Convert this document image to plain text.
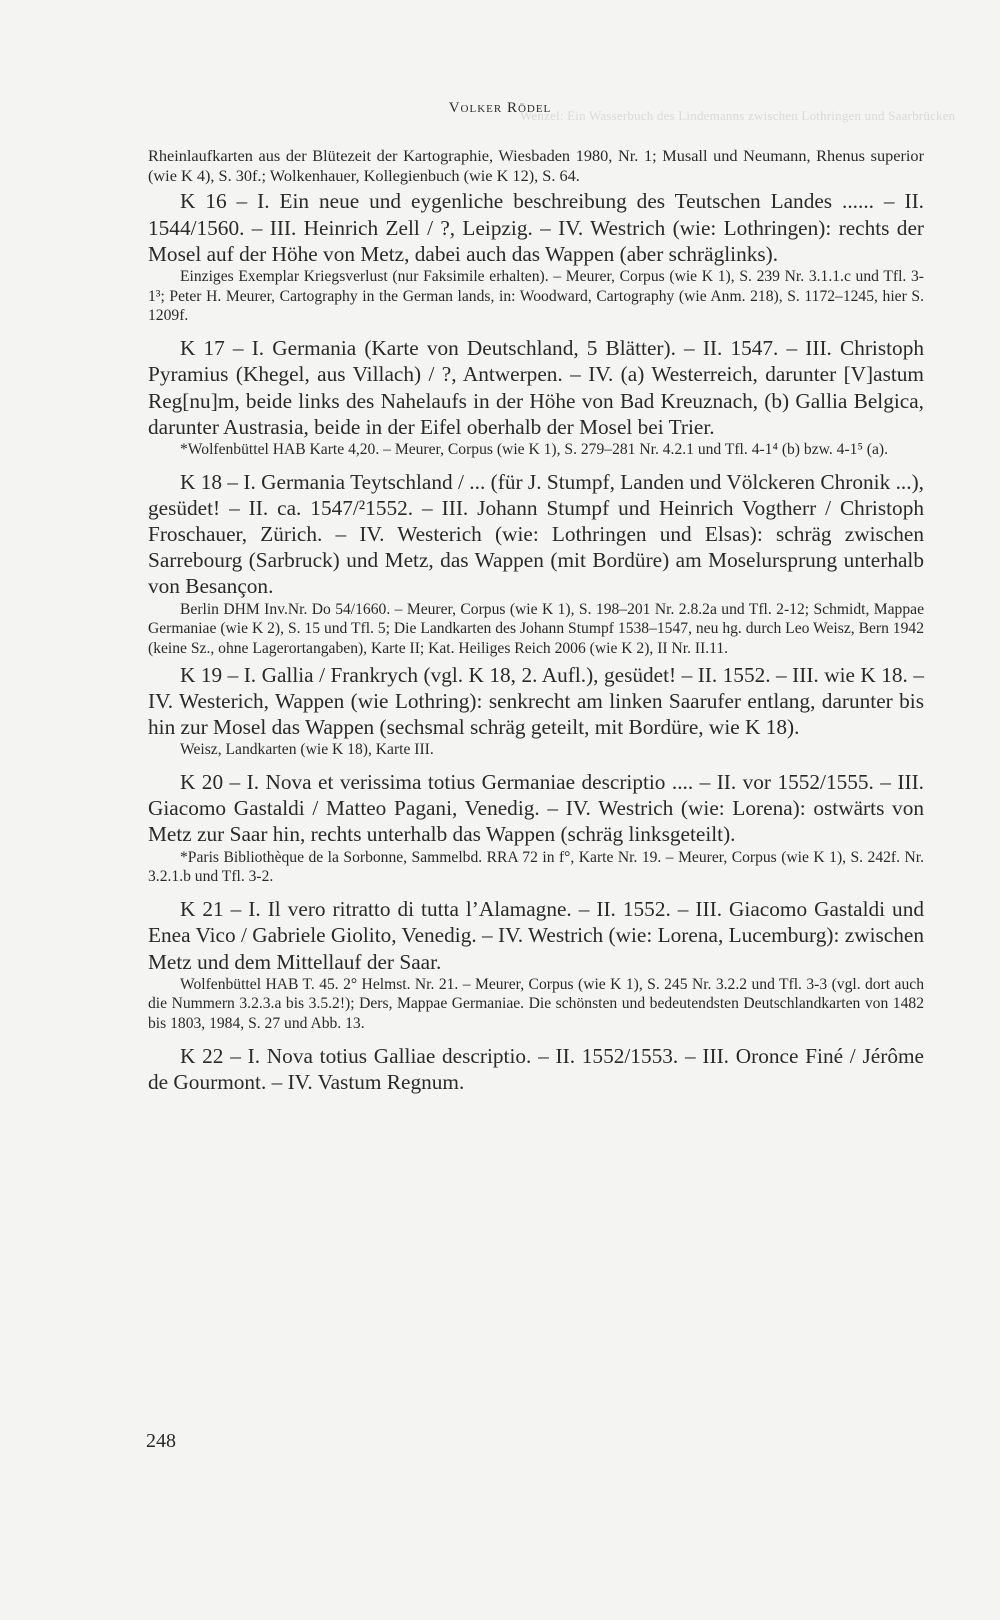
Wenzel: Ein Wasserbuch des Lindemanns zwischen Lothringen und Saarbrücken
Volker Rödel

Rheinlaufkarten aus der Blütezeit der Kartographie, Wiesbaden 1980, Nr. 1; Musall und Neumann, Rhenus superior (wie K 4), S. 30f.; Wolkenhauer, Kollegienbuch (wie K 12), S. 64.

K 16 – I. Ein neue und eygenliche beschreibung des Teutschen Landes ...... – II. 1544/1560. – III. Heinrich Zell / ?, Leipzig. – IV. Westrich (wie: Lothringen): rechts der Mosel auf der Höhe von Metz, dabei auch das Wappen (aber schräglinks).

Einziges Exemplar Kriegsverlust (nur Faksimile erhalten). – Meurer, Corpus (wie K 1), S. 239 Nr. 3.1.1.c und Tfl. 3-1³; Peter H. Meurer, Cartography in the German lands, in: Woodward, Cartography (wie Anm. 218), S. 1172–1245, hier S. 1209f.

K 17 – I. Germania (Karte von Deutschland, 5 Blätter). – II. 1547. – III. Christoph Pyramius (Khegel, aus Villach) / ?, Antwerpen. – IV. (a) Westerreich, darunter [V]astum Reg[nu]m, beide links des Nahelaufs in der Höhe von Bad Kreuznach, (b) Gallia Belgica, darunter Austrasia, beide in der Eifel oberhalb der Mosel bei Trier.

*Wolfenbüttel HAB Karte 4,20. – Meurer, Corpus (wie K 1), S. 279–281 Nr. 4.2.1 und Tfl. 4-1⁴ (b) bzw. 4-1⁵ (a).

K 18 – I. Germania Teytschland / ... (für J. Stumpf, Landen und Völckeren Chronik ...), gesüdet! – II. ca. 1547/²1552. – III. Johann Stumpf und Heinrich Vogtherr / Christoph Froschauer, Zürich. – IV. Westerich (wie: Lothringen und Elsas): schräg zwischen Sarrebourg (Sarbruck) und Metz, das Wappen (mit Bordüre) am Moselursprung unterhalb von Besançon.

Berlin DHM Inv.Nr. Do 54/1660. – Meurer, Corpus (wie K 1), S. 198–201 Nr. 2.8.2a und Tfl. 2-12; Schmidt, Mappae Germaniae (wie K 2), S. 15 und Tfl. 5; Die Landkarten des Johann Stumpf 1538–1547, neu hg. durch Leo Weisz, Bern 1942 (keine Sz., ohne Lagerortangaben), Karte II; Kat. Heiliges Reich 2006 (wie K 2), II Nr. II.11.

K 19 – I. Gallia / Frankrych (vgl. K 18, 2. Aufl.), gesüdet! – II. 1552. – III. wie K 18. – IV. Westerich, Wappen (wie Lothring): senkrecht am linken Saarufer entlang, darunter bis hin zur Mosel das Wappen (sechsmal schräg geteilt, mit Bordüre, wie K 18).

Weisz, Landkarten (wie K 18), Karte III.

K 20 – I. Nova et verissima totius Germaniae descriptio .... – II. vor 1552/1555. – III. Giacomo Gastaldi / Matteo Pagani, Venedig. – IV. Westrich (wie: Lorena): ostwärts von Metz zur Saar hin, rechts unterhalb das Wappen (schräg linksgeteilt).

*Paris Bibliothèque de la Sorbonne, Sammelbd. RRA 72 in f°, Karte Nr. 19. – Meurer, Corpus (wie K 1), S. 242f. Nr. 3.2.1.b und Tfl. 3-2.

K 21 – I. Il vero ritratto di tutta l’Alamagne. – II. 1552. – III. Giacomo Gastaldi und Enea Vico / Gabriele Giolito, Venedig. – IV. Westrich (wie: Lorena, Lucemburg): zwischen Metz und dem Mittellauf der Saar.

Wolfenbüttel HAB T. 45. 2° Helmst. Nr. 21. – Meurer, Corpus (wie K 1), S. 245 Nr. 3.2.2 und Tfl. 3-3 (vgl. dort auch die Nummern 3.2.3.a bis 3.5.2!); Ders, Mappae Germaniae. Die schönsten und bedeutendsten Deutschlandkarten von 1482 bis 1803, 1984, S. 27 und Abb. 13.

K 22 – I. Nova totius Galliae descriptio. – II. 1552/1553. – III. Oronce Finé / Jérôme de Gourmont. – IV. Vastum Regnum.

248
